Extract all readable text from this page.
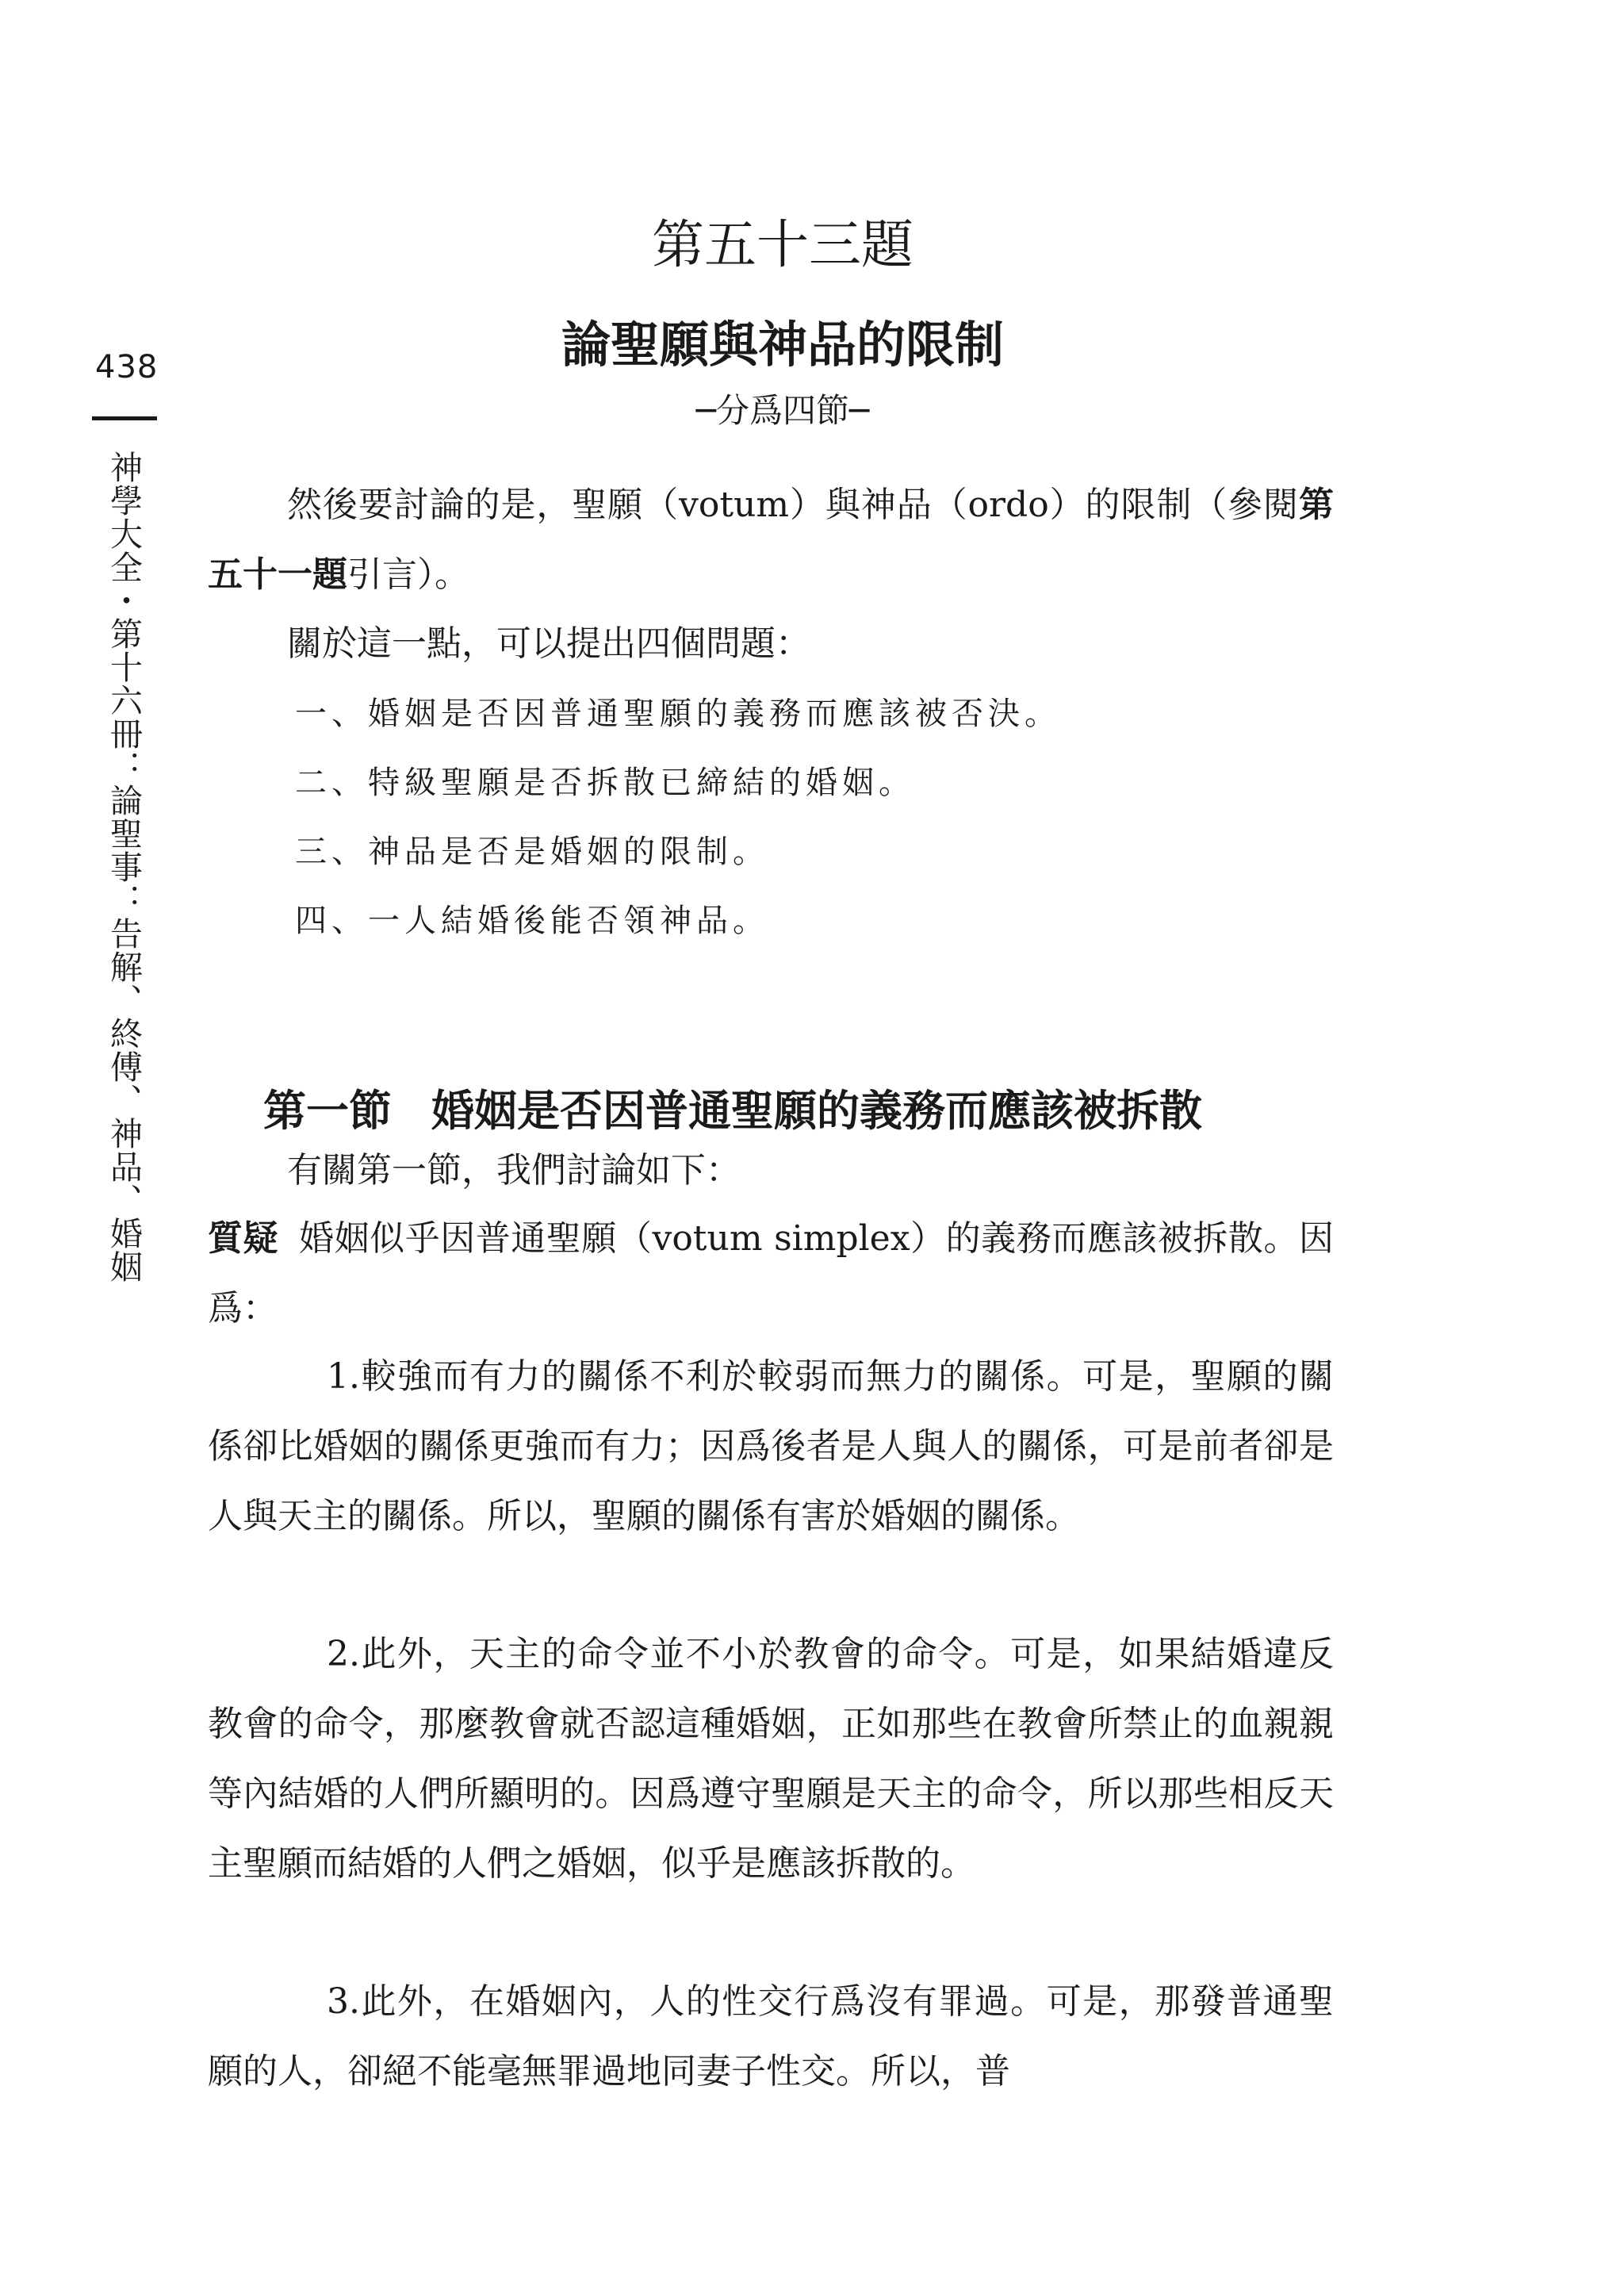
438
神學大全・第十六冊：論聖事：告解、終傅、神品、婚姻
第五十三題
論聖願與神品的限制
─分爲四節─

然後要討論的是，聖願（votum）與神品（ordo）的限制（參閱第五十一題引言）。

關於這一點，可以提出四個問題：

一、婚姻是否因普通聖願的義務而應該被否決。
二、特級聖願是否拆散已締結的婚姻。
三、神品是否是婚姻的限制。
四、一人結婚後能否領神品。
第一節 婚姻是否因普通聖願的義務而應該被拆散

有關第一節，我們討論如下：

質疑 婚姻似乎因普通聖願（votum simplex）的義務而應該被拆散。因爲：

1.較強而有力的關係不利於較弱而無力的關係。可是，聖願的關係卻比婚姻的關係更強而有力；因爲後者是人與人的關係，可是前者卻是人與天主的關係。所以，聖願的關係有害於婚姻的關係。

2.此外，天主的命令並不小於教會的命令。可是，如果結婚違反教會的命令，那麼教會就否認這種婚姻，正如那些在教會所禁止的血親親等內結婚的人們所顯明的。因爲遵守聖願是天主的命令，所以那些相反天主聖願而結婚的人們之婚姻，似乎是應該拆散的。

3.此外，在婚姻內，人的性交行爲沒有罪過。可是，那發普通聖願的人，卻絕不能毫無罪過地同妻子性交。所以，普
